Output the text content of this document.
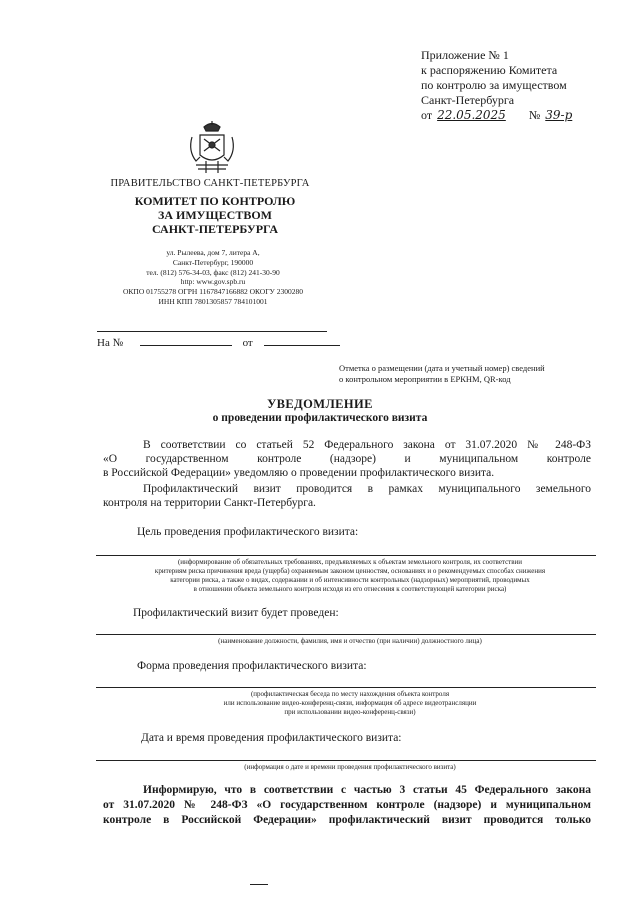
Приложение № 1
к распоряжению Комитета
по контролю за имуществом
Санкт-Петербурга
от 22.05.2025 № 39-р
ПРАВИТЕЛЬСТВО САНКТ-ПЕТЕРБУРГА
КОМИТЕТ ПО КОНТРОЛЮ
ЗА ИМУЩЕСТВОМ
САНКТ-ПЕТЕРБУРГА
ул. Рылеева, дом 7, литера А,
Санкт-Петербург, 190000
тел. (812) 576-34-03, факс (812) 241-30-90
http: www.gov.spb.ru
ОКПО 01755278 ОГРН 1167847166882 ОКОГУ 2300280
ИНН КПП 7801305857 784101001
На №	от
Отметка о размещении (дата и учетный номер) сведений
о контрольном мероприятии в ЕРКНМ, QR-код
УВЕДОМЛЕНИЕ
о проведении профилактического визита
В соответствии со статьей 52 Федерального закона от 31.07.2020 № 248-ФЗ
«О государственном контроле (надзоре) и муниципальном контроле
в Российской Федерации» уведомляю о проведении профилактического визита.
Профилактический визит проводится в рамках муниципального земельного
контроля на территории Санкт-Петербурга.
Цель проведения профилактического визита:
(информирование об обязательных требованиях, предъявляемых к объектам земельного контроля, их соответствии
критериям риска причинения вреда (ущерба) охраняемым законом ценностям, основаниях и о рекомендуемых способах снижения
категории риска, а также о видах, содержании и об интенсивности контрольных (надзорных) мероприятий, проводимых
в отношении объекта земельного контроля исходя из его отнесения к соответствующей категории риска)
Профилактический визит будет проведен:
(наименование должности, фамилия, имя и отчество (при наличии) должностного лица)
Форма проведения профилактического визита:
(профилактическая беседа по месту нахождения объекта контроля
или использование видео-конференц-связи, информация об адресе видеотрансляции
при использовании видео-конференц-связи)
Дата и время проведения профилактического визита:
(информация о дате и времени проведения профилактического визита)
Информирую, что в соответствии с частью 3 статьи 45 Федерального закона
от 31.07.2020 № 248-ФЗ «О государственном контроле (надзоре) и муниципальном
контроле в Российской Федерации» профилактический визит проводится только
